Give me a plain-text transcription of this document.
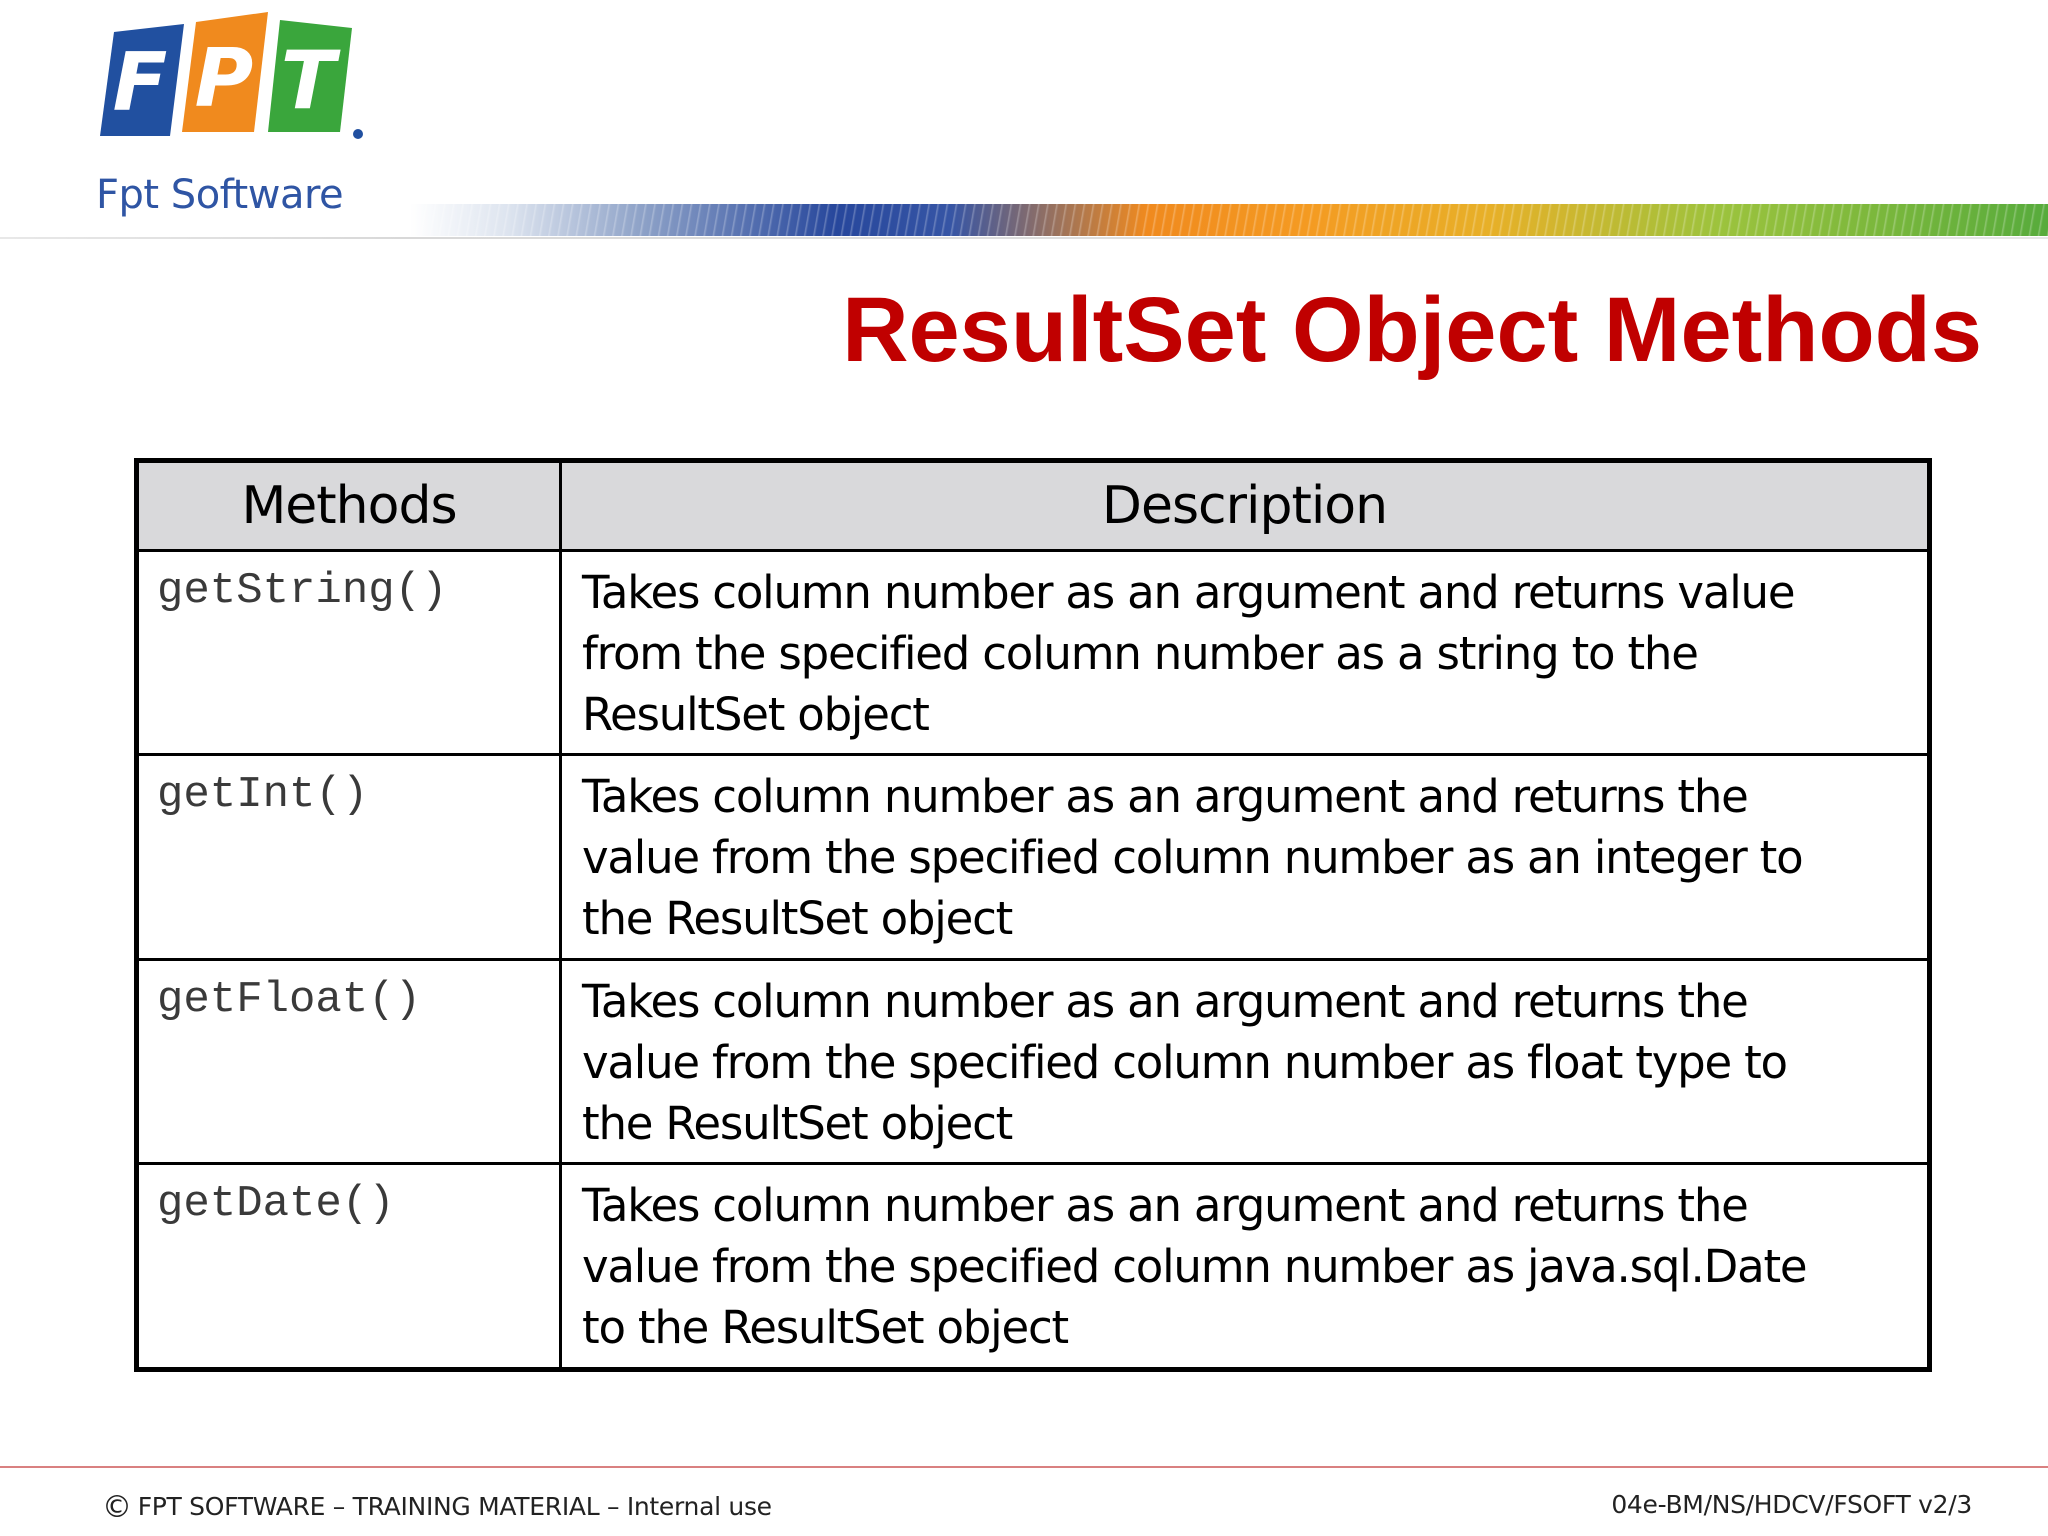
F P T
Fpt Software
ResultSet Object Methods
Methods	Description
getString()	Takes column number as an argument and returns value
from the specified column number as a string to the
ResultSet object

getInt()	Takes column number as an argument and returns the
value from the specified column number as an integer to
the ResultSet object

getFloat()	Takes column number as an argument and returns the
value from the specified column number as float type to
the ResultSet object

getDate()	Takes column number as an argument and returns the
value from the specified column number as java.sql.Date
to the ResultSet object
© FPT SOFTWARE – TRAINING MATERIAL – Internal use	04e-BM/NS/HDCV/FSOFT v2/3
